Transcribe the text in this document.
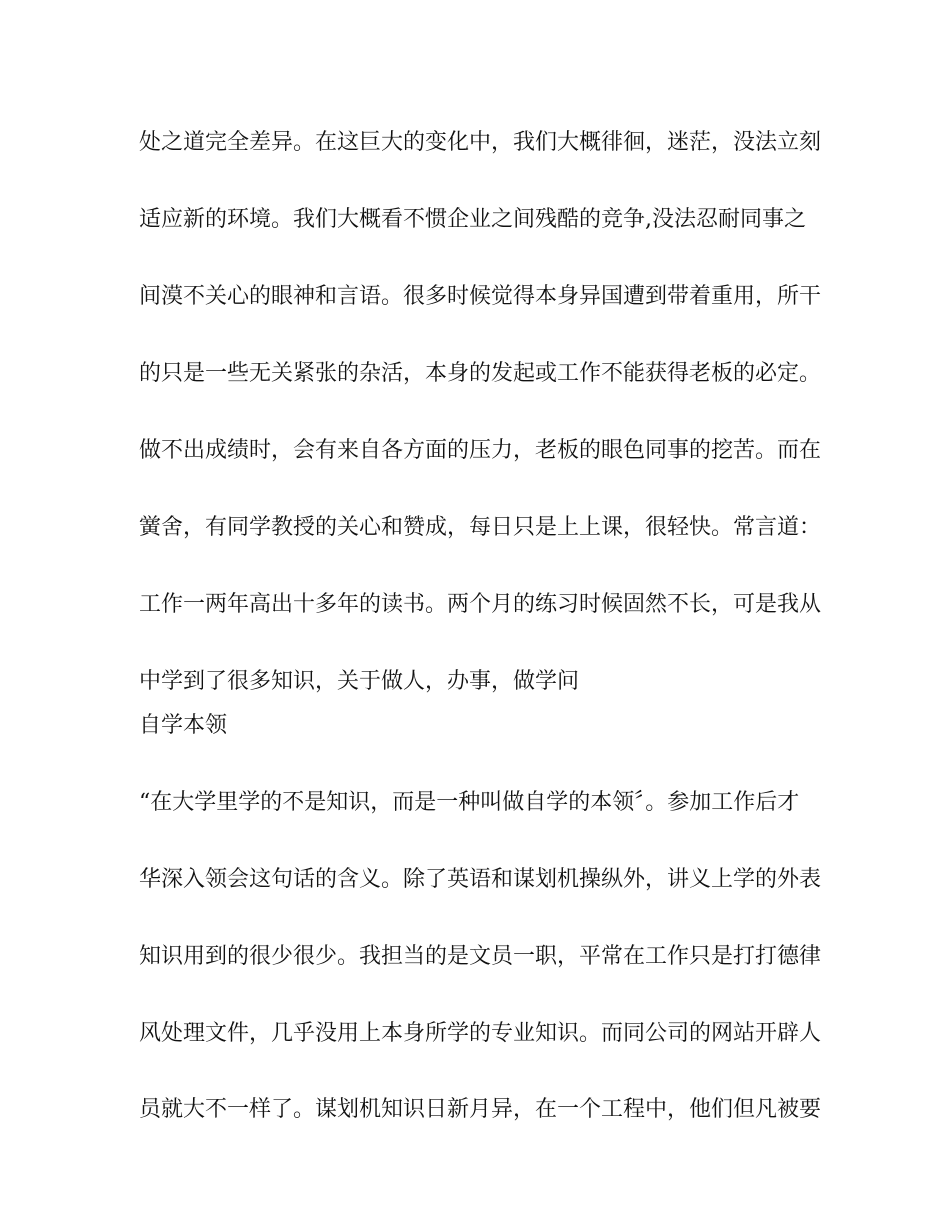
处之道完全差异。在这巨大的变化中，我们大概徘徊，迷茫，没法立刻
适应新的环境。我们大概看不惯企业之间残酷的竞争,没法忍耐同事之
间漠不关心的眼神和言语。很多时候觉得本身异国遭到带着重用，所干
的只是一些无关紧张的杂活，本身的发起或工作不能获得老板的必定。
做不出成绩时，会有来自各方面的压力，老板的眼色同事的挖苦。而在
黉舍，有同学教授的关心和赞成，每日只是上上课，很轻快。常言道：
工作一两年高出十多年的读书。两个月的练习时候固然不长，可是我从
中学到了很多知识，关于做人，办事，做学问
自学本领
“在大学里学的不是知识，而是一种叫做自学的本领〞。参加工作后才
华深入领会这句话的含义。除了英语和谋划机操纵外，讲义上学的外表
知识用到的很少很少。我担当的是文员一职，平常在工作只是打打德律
风处理文件，几乎没用上本身所学的专业知识。而同公司的网站开辟人
员就大不一样了。谋划机知识日新月异，在一个工程中，他们但凡被要
